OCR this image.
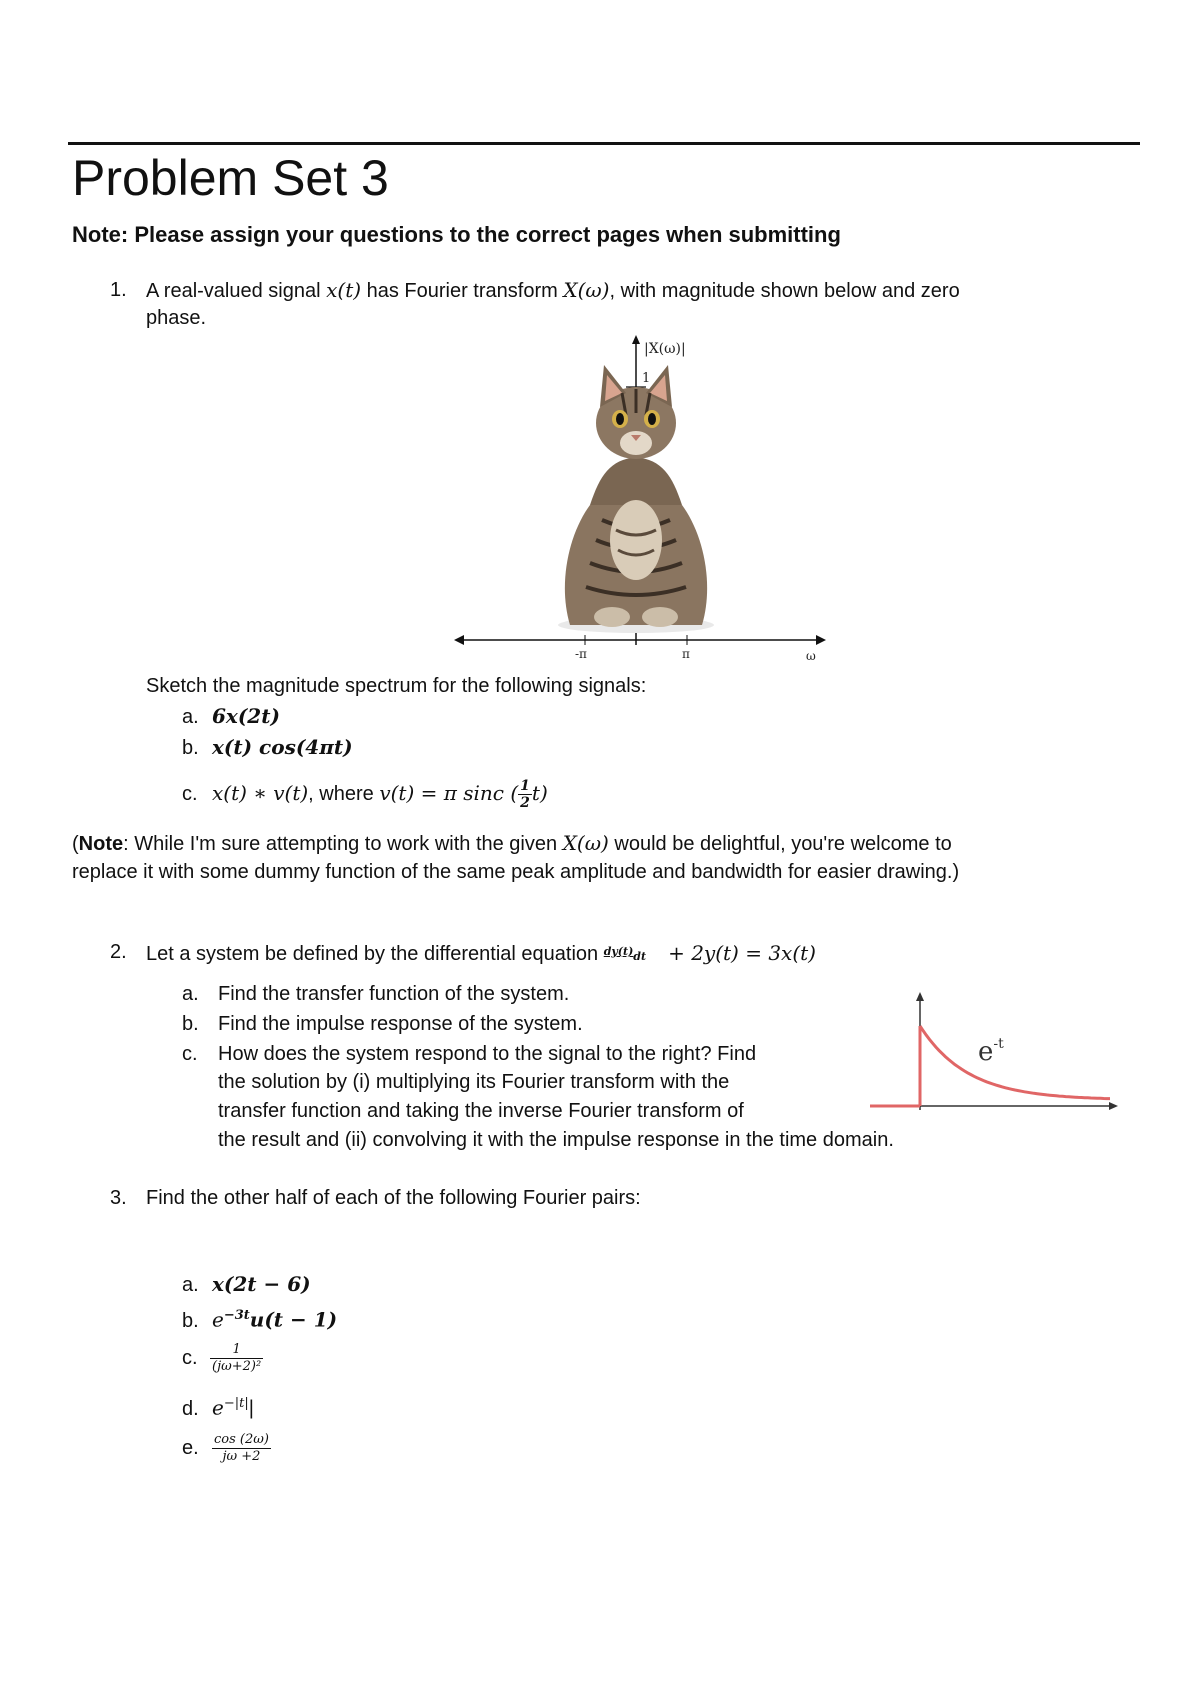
Problem Set 3
Note: Please assign your questions to the correct pages when submitting
1. A real-valued signal x(t) has Fourier transform X(ω), with magnitude shown below and zero
phase.
|X(ω)|
1
-π	π	ω
Sketch the magnitude spectrum for the following signals:
a. 6x(2t)
b. x(t) cos(4πt)
c. x(t) ∗ v(t), where v(t) = π sinc ( $\frac{1}{2} t$)
(Note: While I'm sure attempting to work with the given X(ω) would be delightful, you're welcome to
replace it with some dummy function of the same peak amplitude and bandwidth for easier drawing.)
2. Let a system be defined by the differential equation $^{dy(t)}$dt + 2y(t) = 3x(t)
a. Find the transfer function of the system.
b. Find the impulse response of the system.
c. How does the system respond to the signal to the right? Find
the solution by (i) multiplying its Fourier transform with the
transfer function and taking the inverse Fourier transform of
the result and (ii) convolving it with the impulse response in the time domain.
$e^{-t}$
3. Find the other half of each of the following Fourier pairs:
a. x(2t − 6)
b. $e^{-3t}u(t - 1)$
c. $\frac{1}{\text{(jω+2)²}}$
d. $e^{-|t|}|$
e. $\frac{\cos (2\omega)}{j\omega +2}$
